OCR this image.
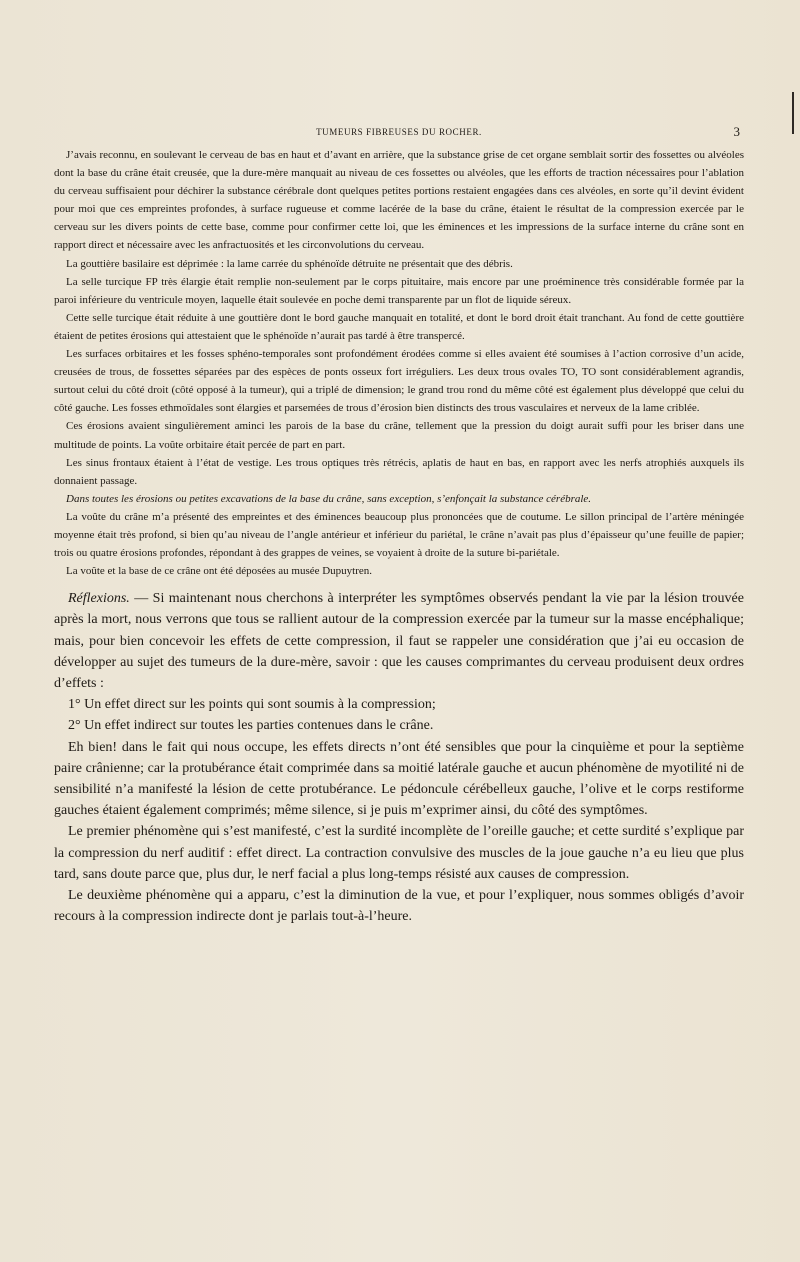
TUMEURS FIBREUSES DU ROCHER.	3

J’avais reconnu, en soulevant le cerveau de bas en haut et d’avant en arrière, que la substance grise de cet organe semblait sortir des fossettes ou alvéoles dont la base du crâne était creusée, que la dure-mère manquait au niveau de ces fossettes ou alvéoles, que les efforts de traction nécessaires pour l’ablation du cerveau suffisaient pour déchirer la substance cérébrale dont quelques petites portions restaient engagées dans ces alvéoles, en sorte qu’il devint évident pour moi que ces empreintes profondes, à surface rugueuse et comme lacérée de la base du crâne, étaient le résultat de la compression exercée par le cerveau sur les divers points de cette base, comme pour confirmer cette loi, que les éminences et les impressions de la surface interne du crâne sont en rapport direct et nécessaire avec les anfractuosités et les circonvolutions du cerveau.

La gouttière basilaire est déprimée : la lame carrée du sphénoïde détruite ne présentait que des débris.

La selle turcique FP très élargie était remplie non-seulement par le corps pituitaire, mais encore par une proéminence très considérable formée par la paroi inférieure du ventricule moyen, laquelle était soulevée en poche demi transparente par un flot de liquide séreux.

Cette selle turcique était réduite à une gouttière dont le bord gauche manquait en totalité, et dont le bord droit était tranchant. Au fond de cette gouttière étaient de petites érosions qui attestaient que le sphénoïde n’aurait pas tardé à être transpercé.

Les surfaces orbitaires et les fosses sphéno-temporales sont profondément érodées comme si elles avaient été soumises à l’action corrosive d’un acide, creusées de trous, de fossettes séparées par des espèces de ponts osseux fort irréguliers. Les deux trous ovales TO, TO sont considérablement agrandis, surtout celui du côté droit (côté opposé à la tumeur), qui a triplé de dimension; le grand trou rond du même côté est également plus développé que celui du côté gauche. Les fosses ethmoïdales sont élargies et parsemées de trous d’érosion bien distincts des trous vasculaires et nerveux de la lame criblée.

Ces érosions avaient singulièrement aminci les parois de la base du crâne, tellement que la pression du doigt aurait suffi pour les briser dans une multitude de points. La voûte orbitaire était percée de part en part.

Les sinus frontaux étaient à l’état de vestige. Les trous optiques très rétrécis, aplatis de haut en bas, en rapport avec les nerfs atrophiés auxquels ils donnaient passage.

Dans toutes les érosions ou petites excavations de la base du crâne, sans exception, s’enfonçait la substance cérébrale.

La voûte du crâne m’a présenté des empreintes et des éminences beaucoup plus prononcées que de coutume. Le sillon principal de l’artère méningée moyenne était très profond, si bien qu’au niveau de l’angle antérieur et inférieur du pariétal, le crâne n’avait pas plus d’épaisseur qu’une feuille de papier; trois ou quatre érosions profondes, répondant à des grappes de veines, se voyaient à droite de la suture bi-pariétale.

La voûte et la base de ce crâne ont été déposées au musée Dupuytren.

Réflexions. — Si maintenant nous cherchons à interpréter les symptômes observés pendant la vie par la lésion trouvée après la mort, nous verrons que tous se rallient autour de la compression exercée par la tumeur sur la masse encéphalique; mais, pour bien concevoir les effets de cette compression, il faut se rappeler une considération que j’ai eu occasion de développer au sujet des tumeurs de la dure-mère, savoir : que les causes comprimantes du cerveau produisent deux ordres d’effets :

1° Un effet direct sur les points qui sont soumis à la compression;

2° Un effet indirect sur toutes les parties contenues dans le crâne.

Eh bien! dans le fait qui nous occupe, les effets directs n’ont été sensibles que pour la cinquième et pour la septième paire crânienne; car la protubérance était comprimée dans sa moitié latérale gauche et aucun phénomène de myotilité ni de sensibilité n’a manifesté la lésion de cette protubérance. Le pédoncule cérébelleux gauche, l’olive et le corps restiforme gauches étaient également comprimés; même silence, si je puis m’exprimer ainsi, du côté des symptômes.

Le premier phénomène qui s’est manifesté, c’est la surdité incomplète de l’oreille gauche; et cette surdité s’explique par la compression du nerf auditif : effet direct. La contraction convulsive des muscles de la joue gauche n’a eu lieu que plus tard, sans doute parce que, plus dur, le nerf facial a plus long-temps résisté aux causes de compression.

Le deuxième phénomène qui a apparu, c’est la diminution de la vue, et pour l’expliquer, nous sommes obligés d’avoir recours à la compression indirecte dont je parlais tout-à-l’heure.
